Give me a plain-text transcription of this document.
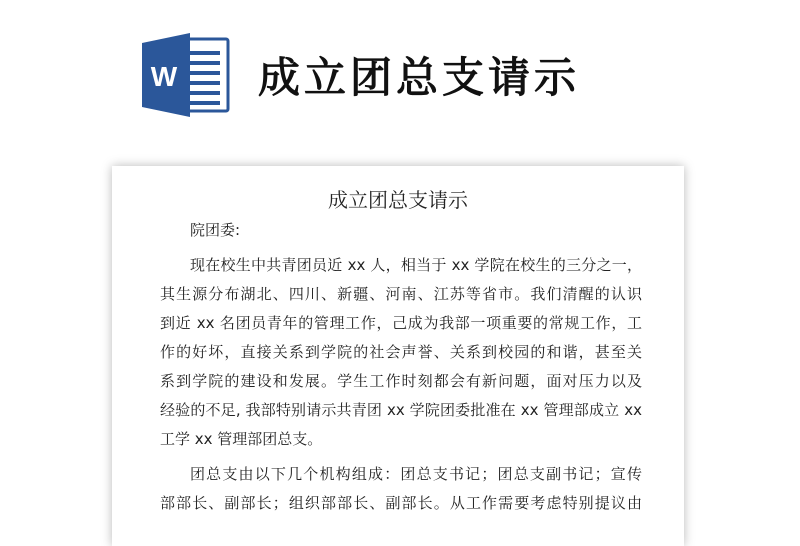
W 成立团总支请示
成立团总支请示
院团委:
现在校生中共青团员近 xx 人，相当于 xx 学院在校生的三分之一，
其生源分布湖北、四川、新疆、河南、江苏等省市。我们清醒的认识
到近 xx 名团员青年的管理工作，己成为我部一项重要的常规工作，工
作的好坏，直接关系到学院的社会声誉、关系到校园的和谐，甚至关
系到学院的建设和发展。学生工作时刻都会有新问题，面对压力以及
经验的不足, 我部特别请示共青团 xx 学院团委批准在 xx 管理部成立 xx
工学 xx 管理部团总支。
团总支由以下几个机构组成：团总支书记；团总支副书记；宣传
部部长、副部长；组织部部长、副部长。从工作需要考虑特别提议由
